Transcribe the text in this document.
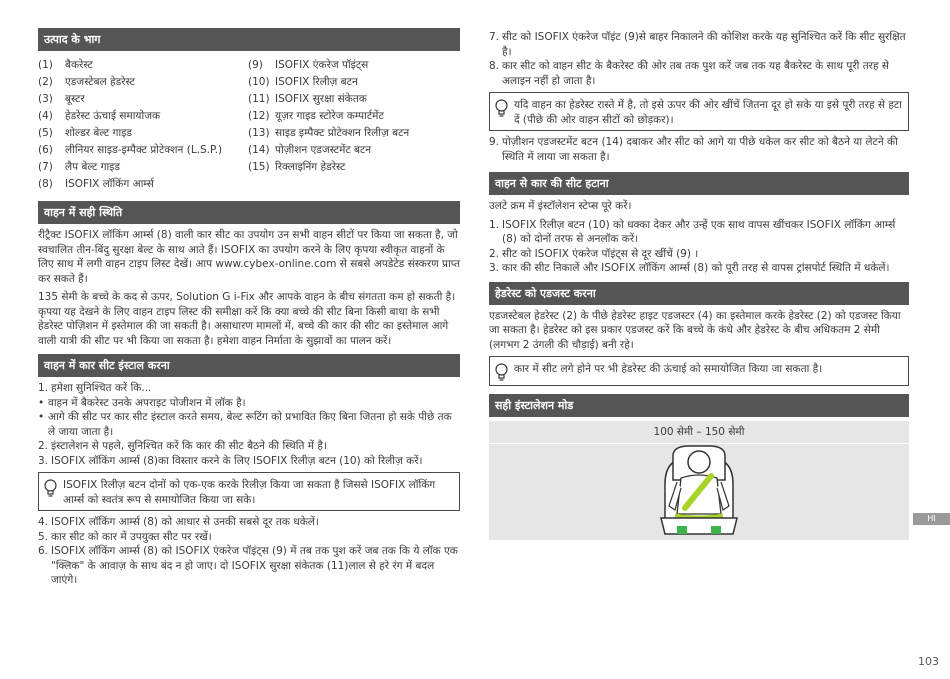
उत्पाद के भाग
(1)	बैकरेस्ट	(9)	ISOFIX एंकरेज पॉइंट्स
(2)	एडजस्टेबल हेडरेस्ट	(10) ISOFIX रिलीज़ बटन
(3)	बूस्टर	(11) ISOFIX सुरक्षा संकेतक
(4)	हेडरेस्ट ऊंचाई समायोजक	(12) यूज़र गाइड स्टोरेज कम्पार्टमेंट
(5)	शोल्डर बेल्ट गाइड	(13) साइड इम्पैक्ट प्रोटेक्शन रिलीज़ बटन
(6)	लीनियर साइड-इम्पैक्ट प्रोटेक्शन (L.S.P.) (14) पोज़ीशन एडजस्टमेंट बटन
(7)	लैप बेल्ट गाइड	(15) रिक्लाइनिंग हेडरेस्ट
(8)	ISOFIX लॉकिंग आर्म्स
वाहन में सही स्थिति

रीट्रैक्ट ISOFIX लॉकिंग आर्म्स (8) वाली कार सीट का उपयोग उन सभी वाहन सीटों पर किया जा सकता है, जो स्वचालित तीन-बिंदु सुरक्षा बेल्ट के साथ आते हैं। ISOFIX का उपयोग करने के लिए कृपया स्वीकृत वाहनों के लिए साथ में लगी वाहन टाइप लिस्ट देखें। आप www.cybex-online.com से सबसे अपडेटेड संस्करण प्राप्त कर सकते हैं।

135 सेमी के बच्चे के कद से ऊपर, Solution G i-Fix और आपके वाहन के बीच संगतता कम हो सकती है। कृपया यह देखने के लिए वाहन टाइप लिस्ट की समीक्षा करें कि क्या बच्चे की सीट बिना किसी बाधा के सभी हेडरेस्ट पोज़िशन में इस्तेमाल की जा सकती है। असाधारण मामलों में, बच्चे की कार की सीट का इस्तेमाल आगे वाली यात्री की सीट पर भी किया जा सकता है। हमेशा वाहन निर्माता के सुझावों का पालन करें।

वाहन में कार सीट इंस्टाल करना
1. हमेशा सुनिश्चित करें कि...
• वाहन में बैकरेस्ट उनके अपराइट पोजीशन में लॉक है।
• आगे की सीट पर कार सीट इंस्टाल करते समय, बेल्ट रूटिंग को प्रभावित किए बिना जितना हो सके पीछे तक ले जाया जाता है।
2. इंस्टालेशन से पहले, सुनिश्चित करें कि कार की सीट बैठने की स्थिति में है।
3. ISOFIX लॉकिंग आर्म्स (8)का विस्तार करने के लिए ISOFIX रिलीज़ बटन (10) को रिलीज़ करें।
ISOFIX रिलीज़ बटन दोनों को एक-एक करके रिलीज़ किया जा सकता है जिससे ISOFIX लॉकिंग आर्म्स को स्वतंत्र रूप से समायोजित किया जा सके।
4. ISOFIX लॉकिंग आर्म्स (8) को आधार से उनकी सबसे दूर तक धकेलें।
5. कार सीट को कार में उपयुक्त सीट पर रखें।
6. ISOFIX लॉकिंग आर्म्स (8) को ISOFIX एंकरेज पॉइंट्स (9) में तब तक पुश करें जब तक कि ये लॉक एक "क्लिक" के आवाज़ के साथ बंद न हो जाए। दो ISOFIX सुरक्षा संकेतक (11)लाल से हरे रंग में बदल जाएंगे।
7. सीट को ISOFIX एंकरेज पॉइंट (9)से बाहर निकालने की कोशिश करके यह सुनिश्चित करें कि सीट सुरक्षित है।
8. कार सीट को वाहन सीट के बैकरेस्ट की ओर तब तक पुश करें जब तक यह बैकरेस्ट के साथ पूरी तरह से अलाइन नहीं हो जाता है।
यदि वाहन का हेडरेस्ट रास्ते में है, तो इसे ऊपर की ओर खींचें जितना दूर हो सके या इसे पूरी तरह से हटा दें (पीछे की ओर वाहन सीटों को छोड़कर)।
9. पोज़ीशन एडजस्टमेंट बटन (14) दबाकर और सीट को आगे या पीछे धकेल कर सीट को बैठने या लेटने की स्थिति में लाया जा सकता है।
वाहन से कार की सीट हटाना

उलटे क्रम में इंस्टॉलेशन स्टेप्स पूरे करें।

1. ISOFIX रिलीज़ बटन (10) को धक्का देकर और उन्हें एक साथ वापस खींचकर ISOFIX लॉकिंग आर्म्स (8) को दोनों तरफ से अनलॉक करें।
2. सीट को ISOFIX एंकरेज पॉइंट्स से दूर खींचें (9) ।
3. कार की सीट निकालें और ISOFIX लॉकिंग आर्म्स (8) को पूरी तरह से वापस ट्रांसपोर्ट स्थिति में धकेलें।
हेडरेस्ट को एडजस्ट करना

एडजस्टेबल हेडरेस्ट (2) के पीछे हेडरेस्ट हाइट एडजस्टर (4) का इस्तेमाल करके हेडरेस्ट (2) को एडजस्ट किया जा सकता है। हेडरेस्ट को इस प्रकार एडजस्ट करें कि बच्चे के कंधे और हेडरेस्ट के बीच अधिकतम 2 सेमी (लगभग 2 उंगली की चौड़ाई) बनी रहे।

कार में सीट लगे होने पर भी हेडरेस्ट की ऊंचाई को समायोजित किया जा सकता है।
सही इंस्टालेशन मोड
100 सेमी – 150 सेमी
HI
103
